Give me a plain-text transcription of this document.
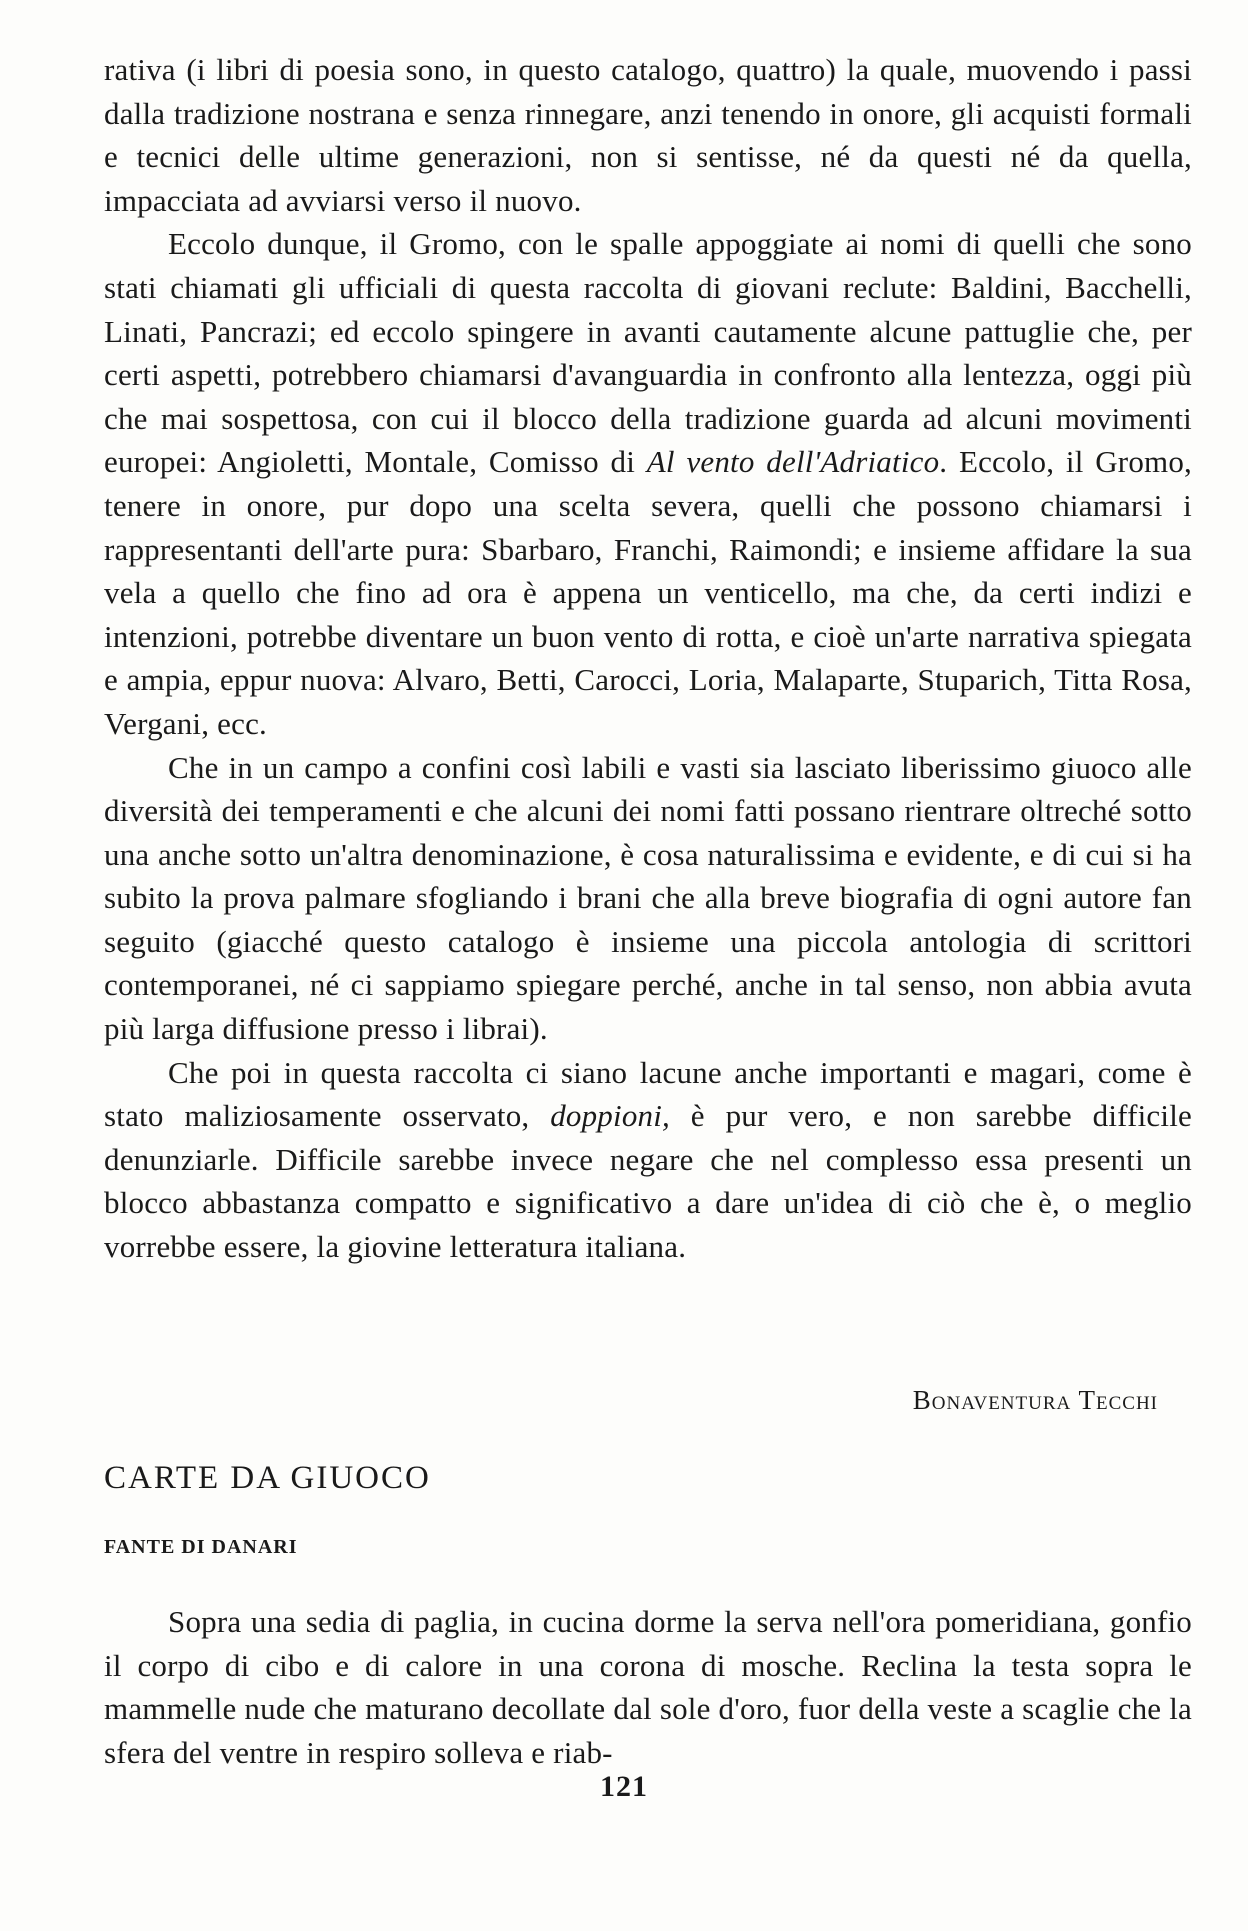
rativa (i libri di poesia sono, in questo catalogo, quattro) la quale, muovendo i passi dalla tradizione nostrana e senza rinnegare, anzi tenendo in onore, gli acquisti formali e tecnici delle ultime generazioni, non si sentisse, né da questi né da quella, impacciata ad avviarsi verso il nuovo.

Eccolo dunque, il Gromo, con le spalle appoggiate ai nomi di quelli che sono stati chiamati gli ufficiali di questa raccolta di giovani reclute: Baldini, Bacchelli, Linati, Pancrazi; ed eccolo spingere in avanti cautamente alcune pattuglie che, per certi aspetti, potrebbero chiamarsi d'avanguardia in confronto alla lentezza, oggi più che mai sospettosa, con cui il blocco della tradizione guarda ad alcuni movimenti europei: Angioletti, Montale, Comisso di Al vento dell'Adriatico. Eccolo, il Gromo, tenere in onore, pur dopo una scelta severa, quelli che possono chiamarsi i rappresentanti dell'arte pura: Sbarbaro, Franchi, Raimondi; e insieme affidare la sua vela a quello che fino ad ora è appena un venticello, ma che, da certi indizi e intenzioni, potrebbe diventare un buon vento di rotta, e cioè un'arte narrativa spiegata e ampia, eppur nuova: Alvaro, Betti, Carocci, Loria, Malaparte, Stuparich, Titta Rosa, Vergani, ecc.

Che in un campo a confini così labili e vasti sia lasciato liberissimo giuoco alle diversità dei temperamenti e che alcuni dei nomi fatti possano rientrare oltreché sotto una anche sotto un'altra denominazione, è cosa naturalissima e evidente, e di cui si ha subito la prova palmare sfogliando i brani che alla breve biografia di ogni autore fan seguito (giacché questo catalogo è insieme una piccola antologia di scrittori contemporanei, né ci sappiamo spiegare perché, anche in tal senso, non abbia avuta più larga diffusione presso i librai).

Che poi in questa raccolta ci siano lacune anche importanti e magari, come è stato maliziosamente osservato, doppioni, è pur vero, e non sarebbe difficile denunziarle. Difficile sarebbe invece negare che nel complesso essa presenti un blocco abbastanza compatto e significativo a dare un'idea di ciò che è, o meglio vorrebbe essere, la giovine letteratura italiana.

Bonaventura Tecchi
CARTE DA GIUOCO
FANTE DI DANARI

Sopra una sedia di paglia, in cucina dorme la serva nell'ora pomeridiana, gonfio il corpo di cibo e di calore in una corona di mosche. Reclina la testa sopra le mammelle nude che maturano decollate dal sole d'oro, fuor della veste a scaglie che la sfera del ventre in respiro solleva e riab-

121
